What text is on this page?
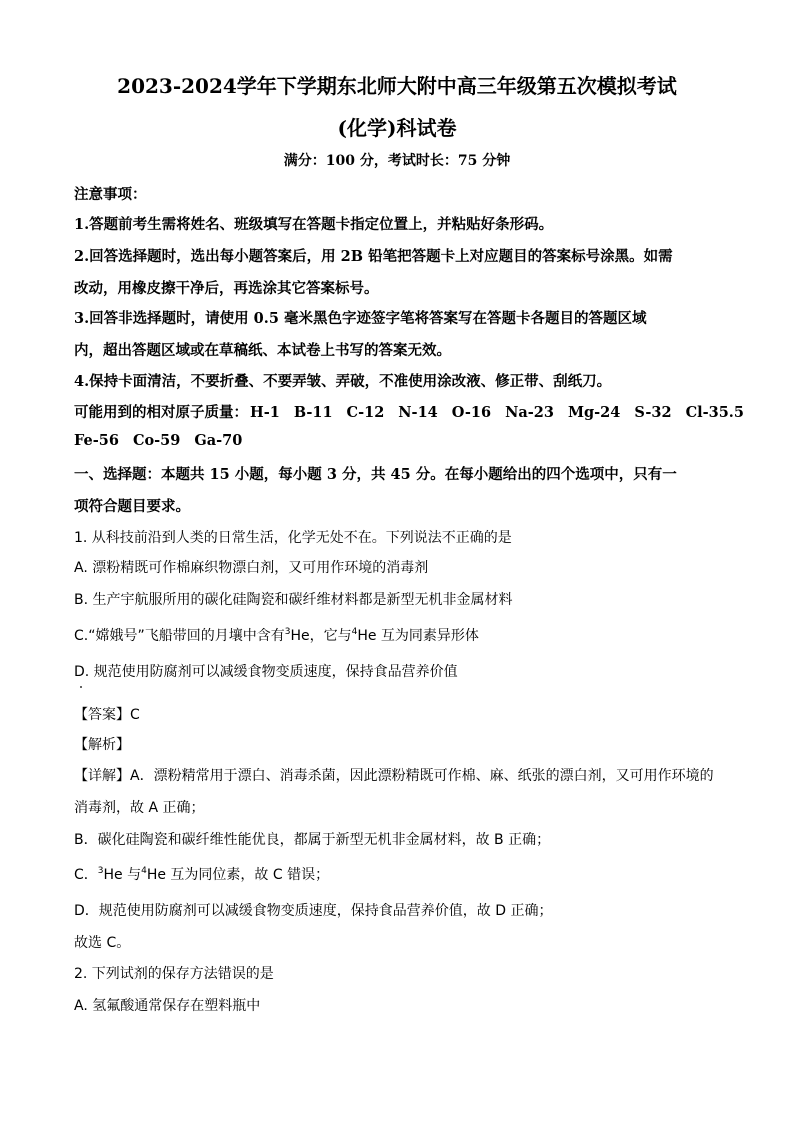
2023-2024学年下学期东北师大附中高三年级第五次模拟考试
(化学)科试卷
满分：100 分，考试时长：75 分钟
注意事项：
1.答题前考生需将姓名、班级填写在答题卡指定位置上，并粘贴好条形码。
2.回答选择题时，选出每小题答案后，用 2B 铅笔把答题卡上对应题目的答案标号涂黑。如需
改动，用橡皮擦干净后，再选涂其它答案标号。
3.回答非选择题时，请使用 0.5 毫米黑色字迹签字笔将答案写在答题卡各题目的答题区域
内，超出答题区域或在草稿纸、本试卷上书写的答案无效。
4.保持卡面清洁，不要折叠、不要弄皱、弄破，不准使用涂改液、修正带、刮纸刀。
可能用到的相对原子质量： H-1 B-11 C-12 N-14 O-16 Na-23 Mg-24 S-32 Cl-35.5
Fe-56 Co-59 Ga-70
一、选择题：本题共 15 小题，每小题 3 分，共 45 分。在每小题给出的四个选项中，只有一
项符合题目要求。
1. 从科技前沿到人类的日常生活，化学无处不在。下列说法不正确的是
A. 漂粉精既可作棉麻织物漂白剂，又可用作环境的消毒剂
B. 生产宇航服所用的碳化硅陶瓷和碳纤维材料都是新型无机非金属材料
C.“嫦娥号”飞船带回的月壤中含有$^3$He，它与$^4$He 互为同素异形体
D. 规范使用防腐剂可以减缓食物变质速度，保持食品营养价值
【答案】C
【解析】
【详解】A．漂粉精常用于漂白、消毒杀菌，因此漂粉精既可作棉、麻、纸张的漂白剂，又可用作环境的
消毒剂，故 A 正确；
B．碳化硅陶瓷和碳纤维性能优良，都属于新型无机非金属材料，故 B 正确；
C．$^3$He 与$^4$He 互为同位素，故 C 错误；
D．规范使用防腐剂可以减缓食物变质速度，保持食品营养价值，故 D 正确；
故选 C。
2. 下列试剂的保存方法错误的是
A. 氢氟酸通常保存在塑料瓶中
